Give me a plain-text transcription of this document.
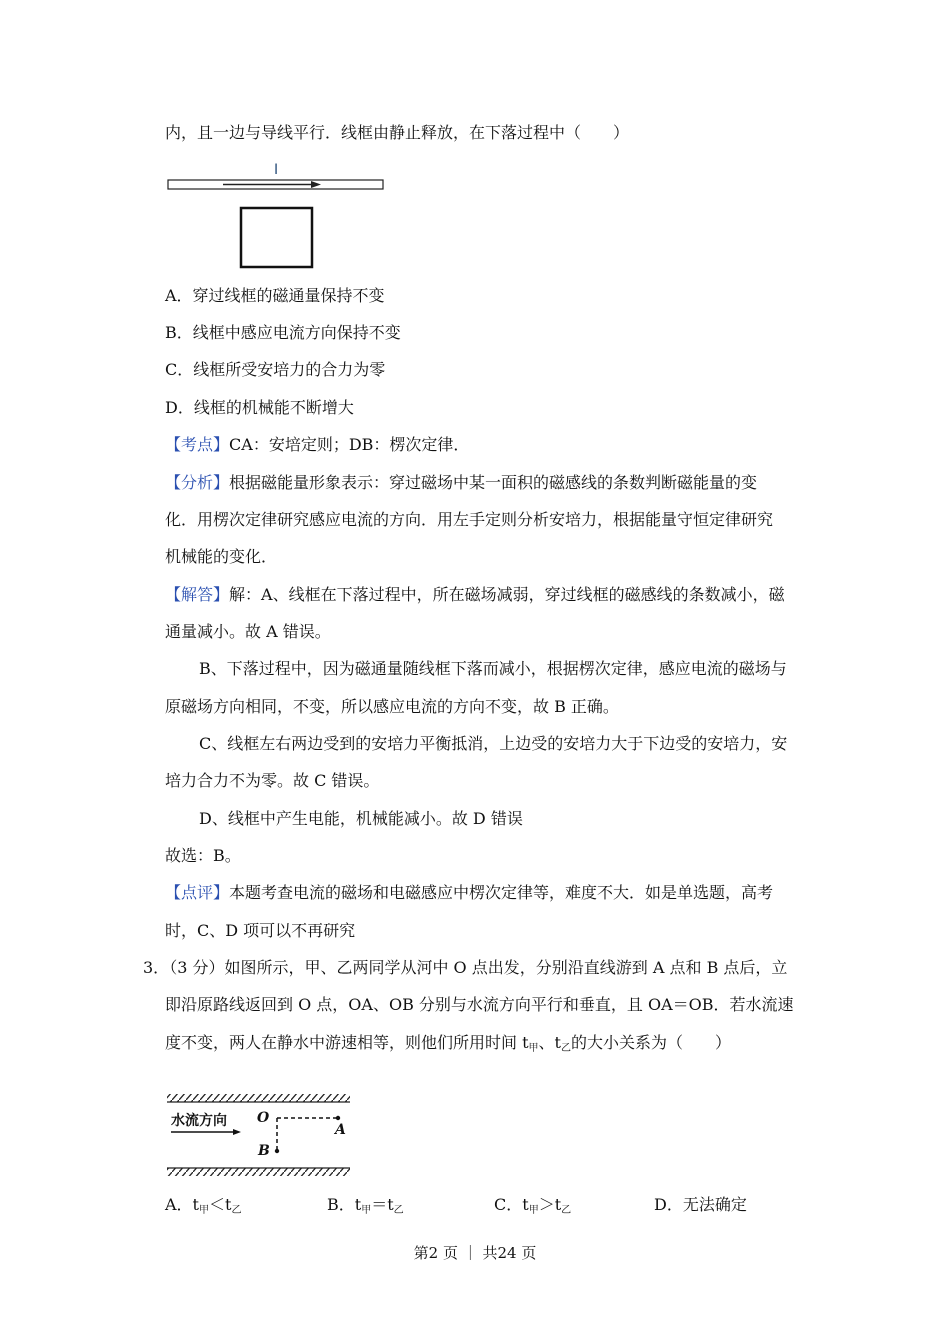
内，且一边与导线平行．线框由静止释放，在下落过程中（　　）
I
A．穿过线框的磁通量保持不变
B．线框中感应电流方向保持不变
C．线框所受安培力的合力为零
D．线框的机械能不断增大
【考点】CA：安培定则；DB：楞次定律．
【分析】根据磁能量形象表示：穿过磁场中某一面积的磁感线的条数判断磁能量的变
化．用楞次定律研究感应电流的方向．用左手定则分析安培力，根据能量守恒定律研究
机械能的变化．
【解答】解：A、线框在下落过程中，所在磁场减弱，穿过线框的磁感线的条数减小，磁
通量减小。故 A 错误。
B、下落过程中，因为磁通量随线框下落而减小，根据楞次定律，感应电流的磁场与
原磁场方向相同，不变，所以感应电流的方向不变，故 B 正确。
C、线框左右两边受到的安培力平衡抵消，上边受的安培力大于下边受的安培力，安
培力合力不为零。故 C 错误。
D、线框中产生电能，机械能减小。故 D 错误
故选：B。
【点评】本题考查电流的磁场和电磁感应中楞次定律等，难度不大．如是单选题，高考
时，C、D 项可以不再研究
3．（3 分）如图所示，甲、乙两同学从河中 O 点出发，分别沿直线游到 A 点和 B 点后，立
即沿原路线返回到 O 点，OA、OB 分别与水流方向平行和垂直，且 OA＝OB．若水流速
度不变，两人在静水中游速相等，则他们所用时间 $t_甲$、$t_乙$的大小关系为（　　）
O
A
B
水流方向
A．$t_甲<t_乙$	B．$t_甲=t_乙$	C．$t_甲>t_乙$	D．无法确定
第2 页 ｜ 共24 页
